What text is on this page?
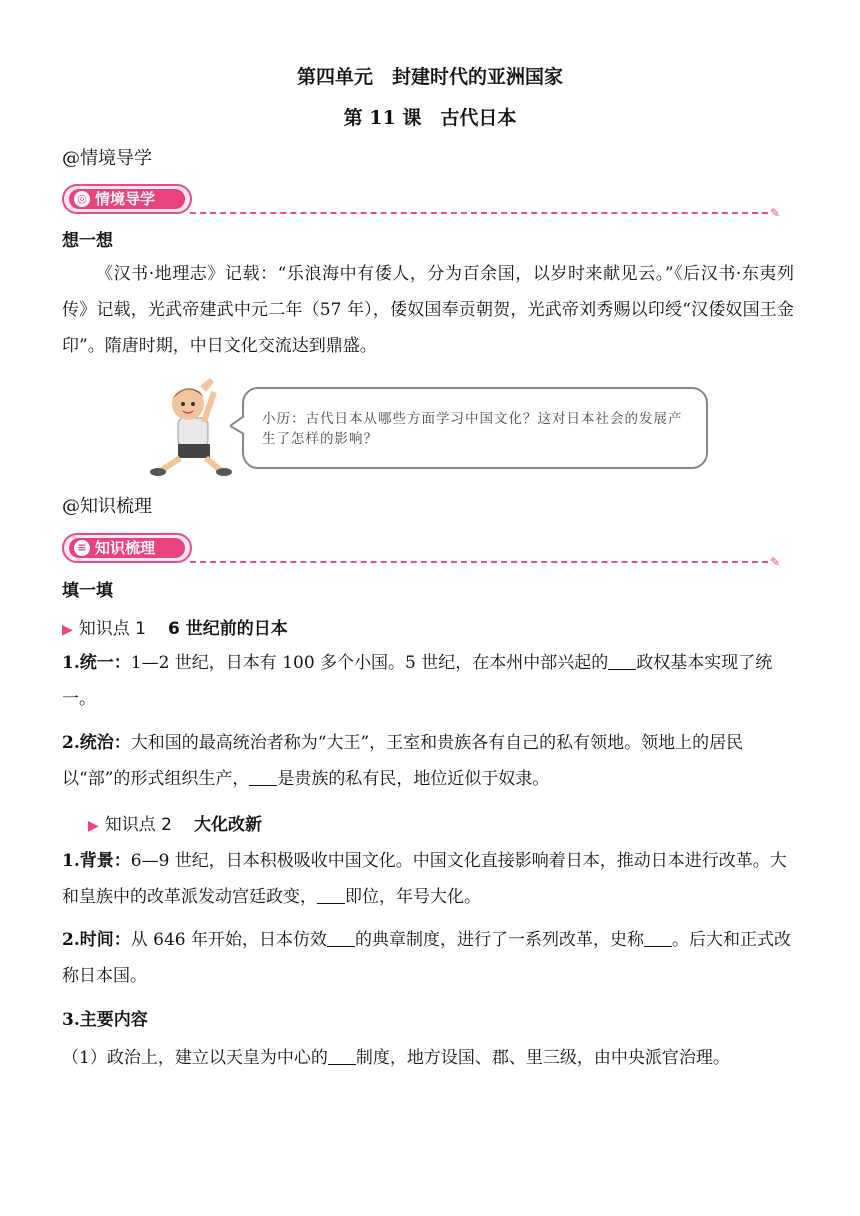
第四单元　封建时代的亚洲国家
第 11 课　古代日本
@情境导学
◎ 情境导学
✎
想一想
《汉书·地理志》记载：“乐浪海中有倭人，分为百余国，以岁时来献见云。”《后汉书·东夷列传》记载，光武帝建武中元二年（57 年），倭奴国奉贡朝贺，光武帝刘秀赐以印绶“汉倭奴国王金印”。隋唐时期，中日文化交流达到鼎盛。
小历：古代日本从哪些方面学习中国文化？这对日本社会的发展产生了怎样的影响？
@知识梳理
≡ 知识梳理
✎
填一填
▶ 知识点 1 6 世纪前的日本
1.统一：1—2 世纪，日本有 100 多个小国。5 世纪，在本州中部兴起的 政权基本实现了统一。
2.统治：大和国的最高统治者称为“大王”，王室和贵族各有自己的私有领地。领地上的居民以“部”的形式组织生产， 是贵族的私有民，地位近似于奴隶。
▶ 知识点 2 大化改新
1.背景：6—9 世纪，日本积极吸收中国文化。中国文化直接影响着日本，推动日本进行改革。大和皇族中的改革派发动宫廷政变， 即位，年号大化。
2.时间：从 646 年开始，日本仿效 的典章制度，进行了一系列改革，史称 。后大和正式改称日本国。
3.主要内容
（1）政治上，建立以天皇为中心的 制度，地方设国、郡、里三级，由中央派官治理。
